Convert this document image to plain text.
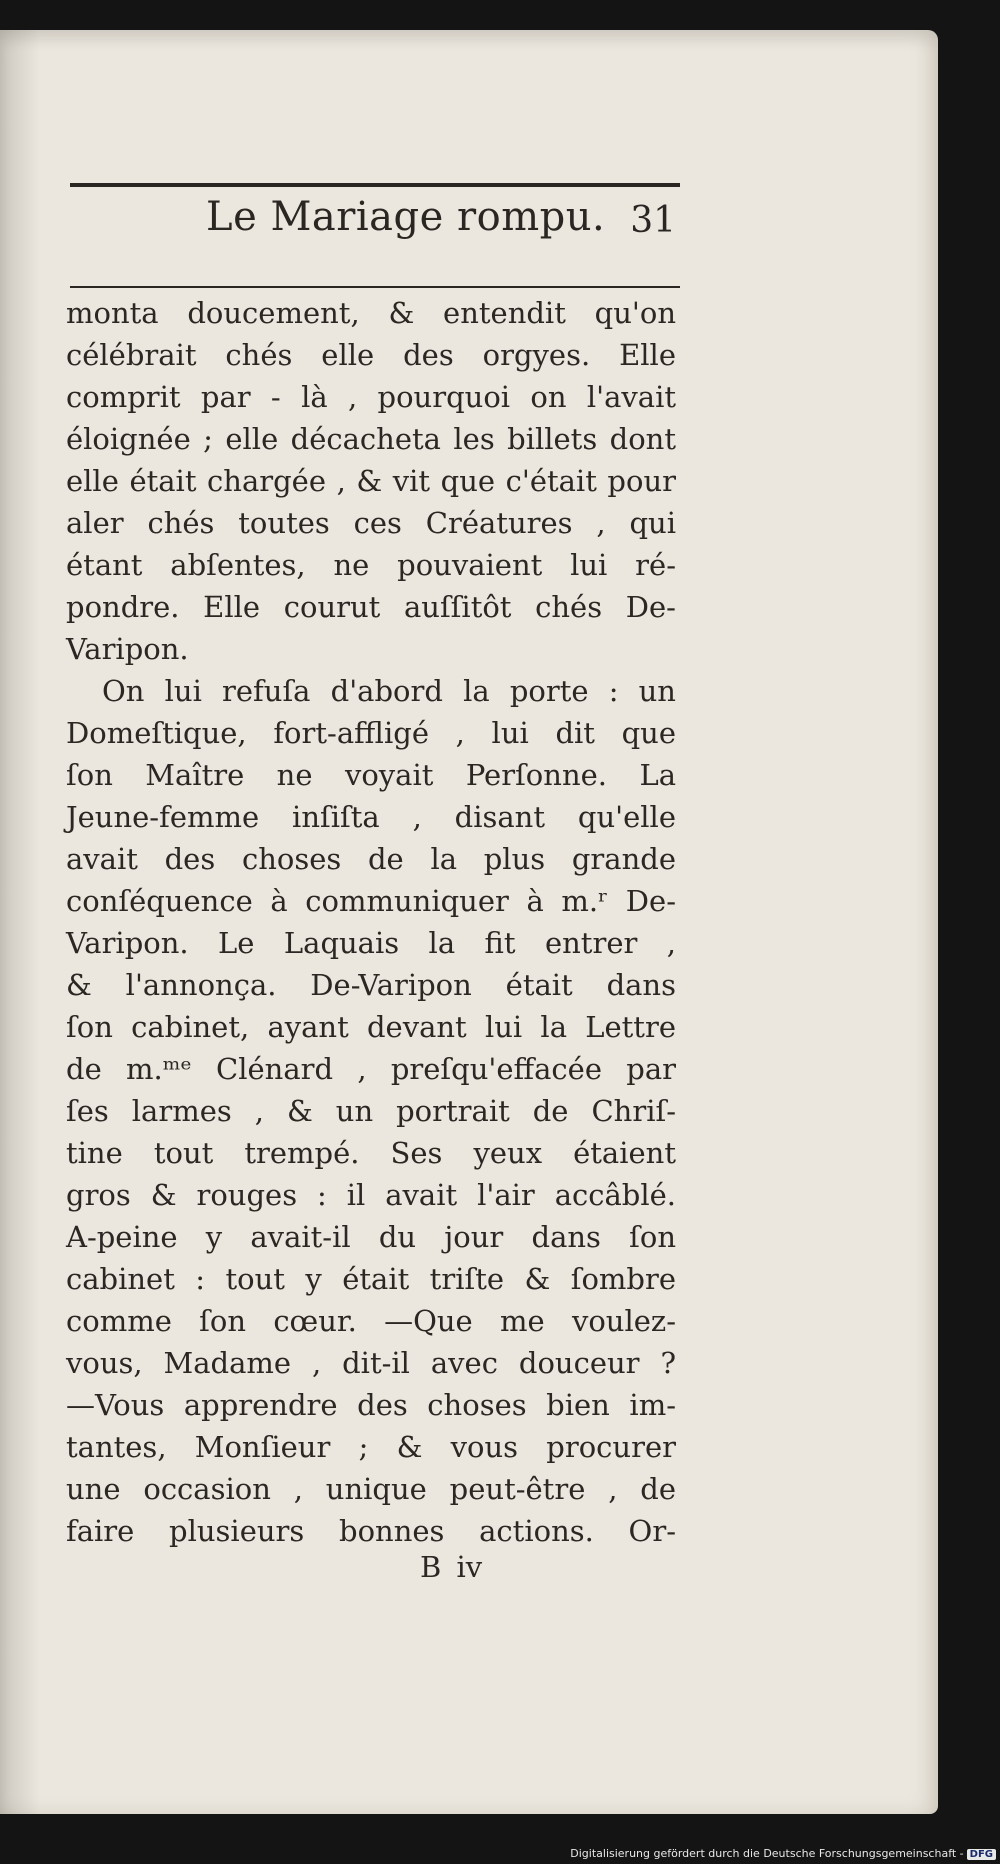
Le Mariage rompu. 31
monta doucement, & entendit qu'on
célébrait chés elle des orgyes. Elle
comprit par - là , pourquoi on l'avait
éloignée ; elle décacheta les billets dont
elle était chargée , & vit que c'était pour
aler chés toutes ces Créatures , qui
étant abſentes, ne pouvaient lui ré-
pondre. Elle courut auſſitôt chés De-
Varipon.
On lui refuſa d'abord la porte : un
Domeſtique, fort-affligé , lui dit que
ſon Maître ne voyait Perſonne. La
Jeune-femme inſiſta , disant qu'elle
avait des choses de la plus grande
conſéquence à communiquer à m.ʳ De-
Varipon. Le Laquais la fit entrer ,
& l'annonça. De-Varipon était dans
ſon cabinet, ayant devant lui la Lettre
de m.ᵐᵉ Clénard , preſqu'effacée par
ſes larmes , & un portrait de Chriſ-
tine tout trempé. Ses yeux étaient
gros & rouges : il avait l'air accâblé.
A-peine y avait-il du jour dans ſon
cabinet : tout y était triſte & ſombre
comme ſon cœur. —Que me voulez-
vous, Madame , dit-il avec douceur ?
—Vous apprendre des choses bien im-
tantes, Monſieur ; & vous procurer
une occasion , unique peut-être , de
faire plusieurs bonnes actions. Or-
B iv
Digitalisierung gefördert durch die Deutsche Forschungsgemeinschaft - DFG
